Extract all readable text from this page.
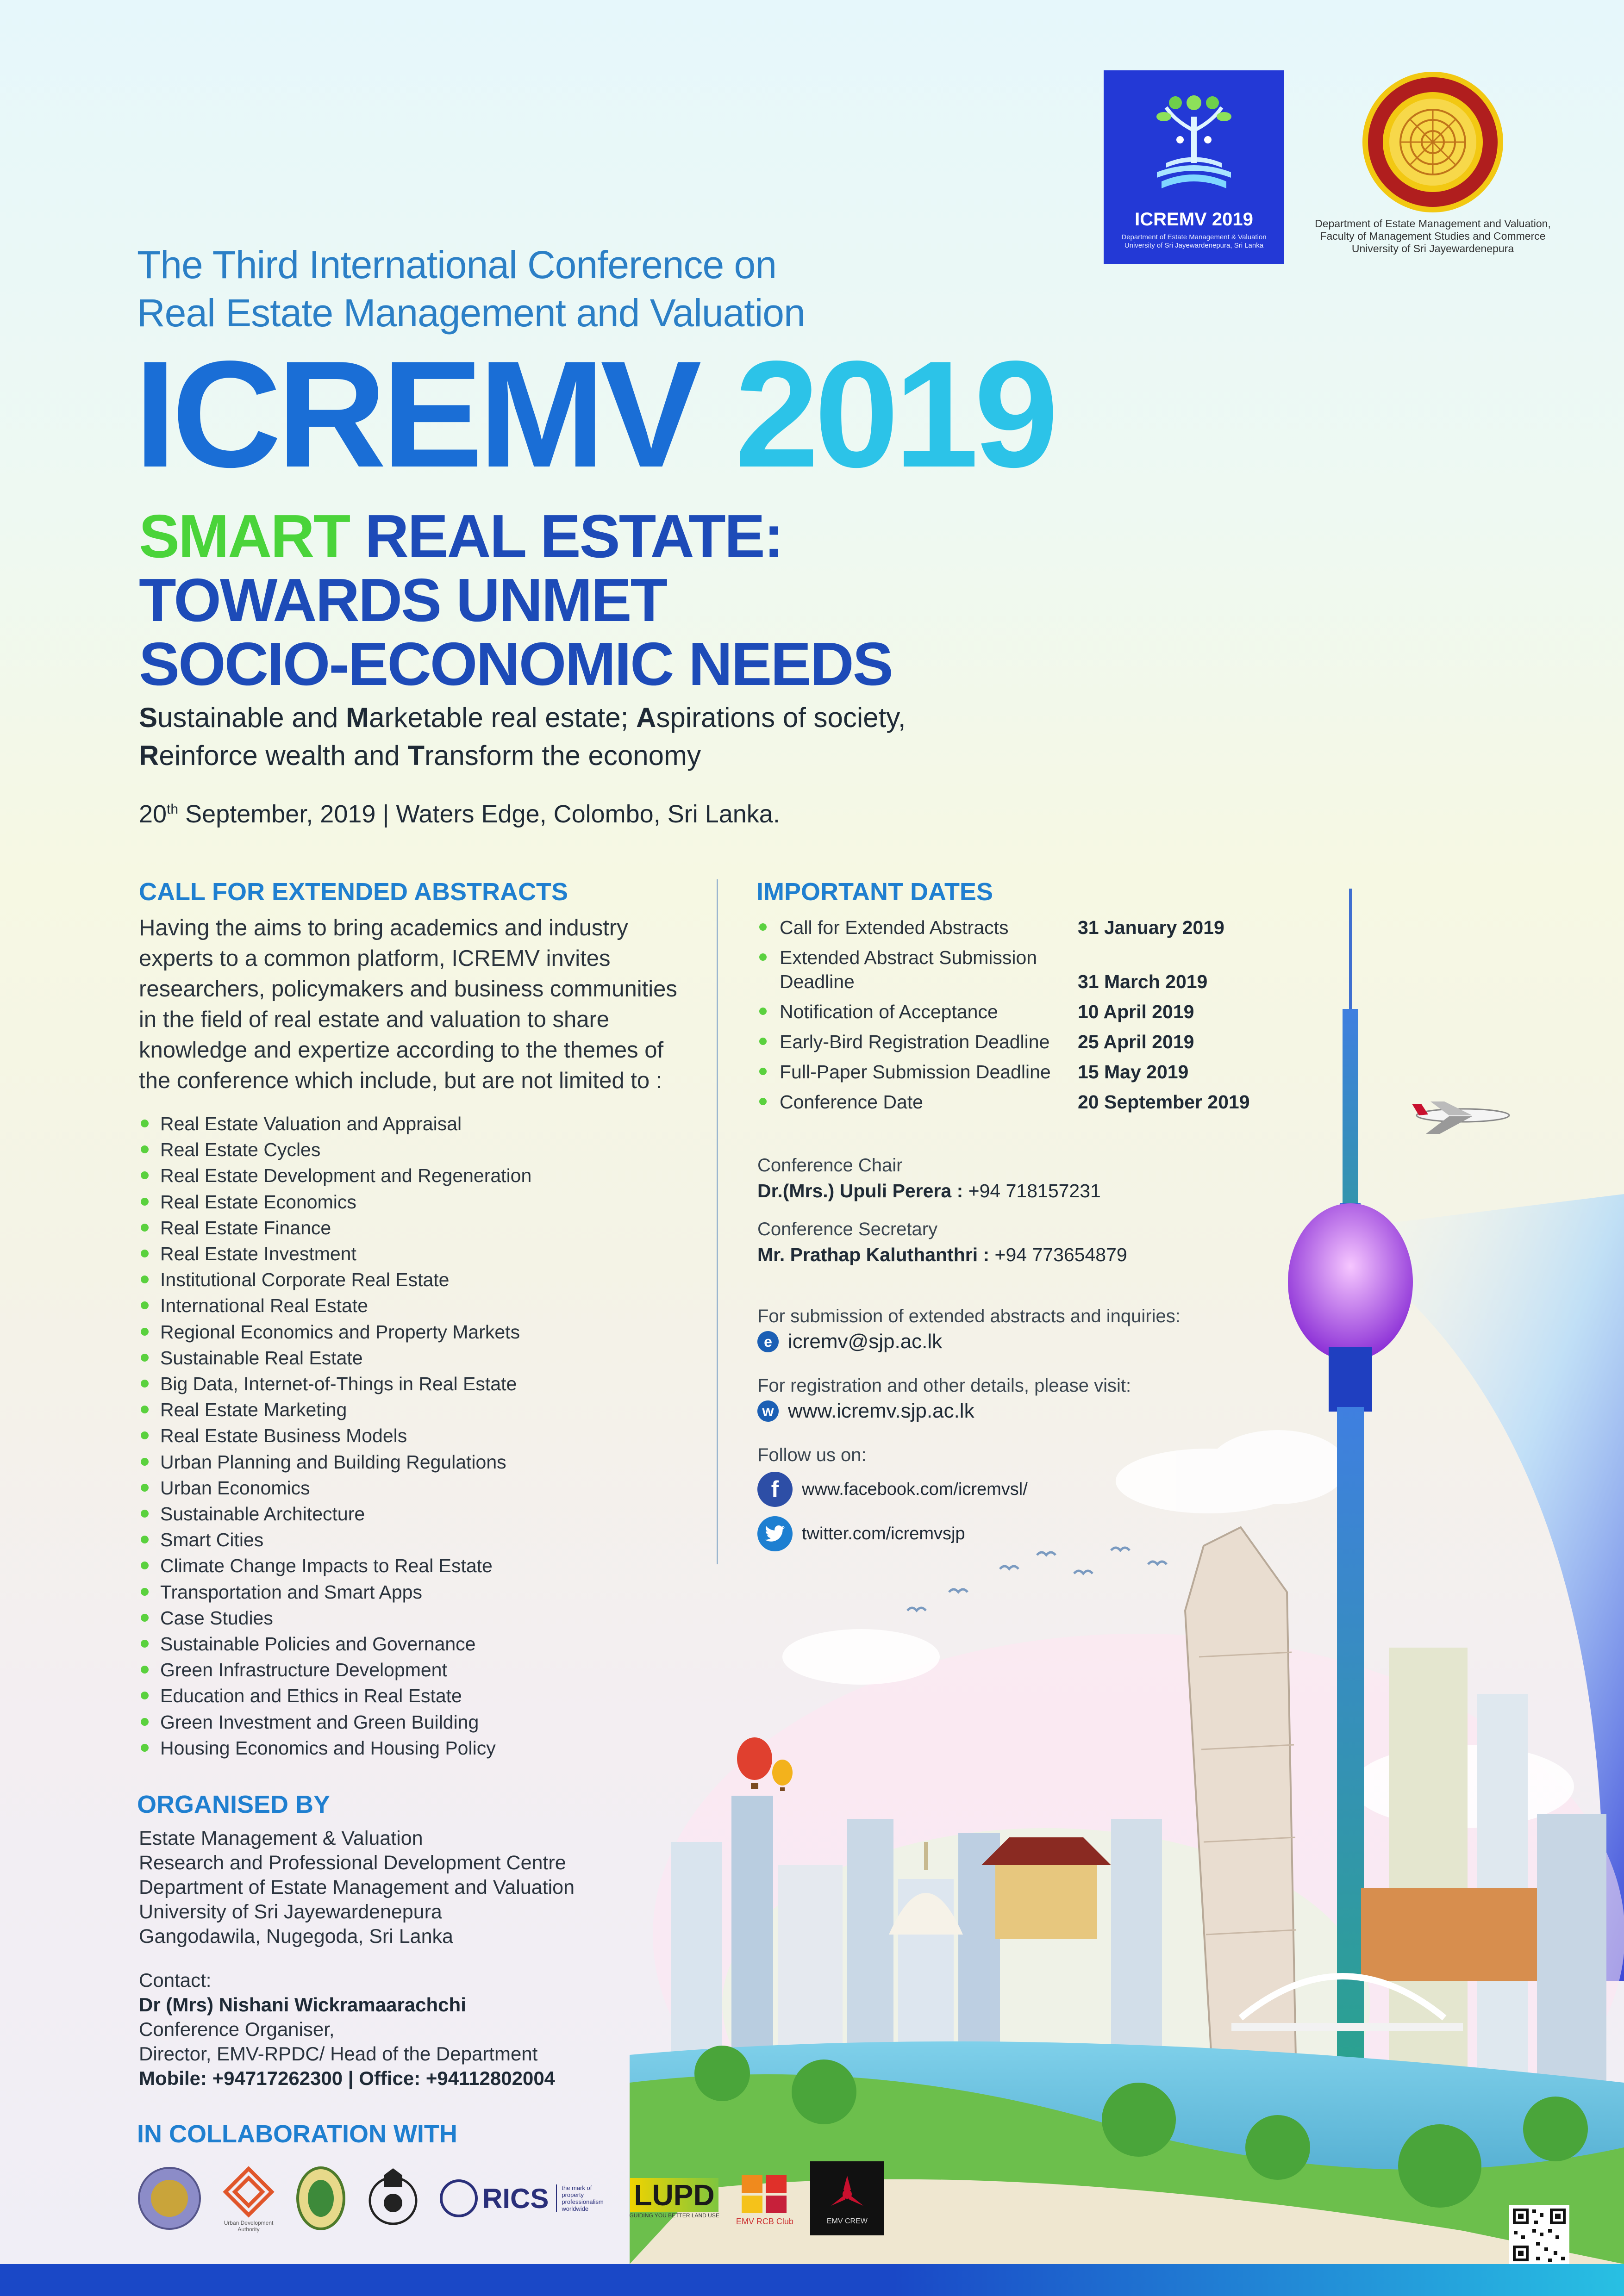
ICREMV 2019
Department of Estate Management & Valuation University of Sri Jayewardenepura, Sri Lanka
Department of Estate Management and Valuation,
Faculty of Management Studies and Commerce
University of Sri Jayewardenepura
The Third International Conference on
Real Estate Management and Valuation
ICREMV 2019
SMART REAL ESTATE:
TOWARDS UNMET
SOCIO-ECONOMIC NEEDS
Sustainable and Marketable real estate; Aspirations of society,
Reinforce wealth and Transform the economy
20th September, 2019 | Waters Edge, Colombo, Sri Lanka.
CALL FOR EXTENDED ABSTRACTS
Having the aims to bring academics and industry
experts to a common platform, ICREMV invites
researchers, policymakers and business communities
in the field of real estate and valuation to share
knowledge and expertize according to the themes of
the conference which include, but are not limited to :
Real Estate Valuation and Appraisal
Real Estate Cycles
Real Estate Development and Regeneration
Real Estate Economics
Real Estate Finance
Real Estate Investment
Institutional Corporate Real Estate
International Real Estate
Regional Economics and Property Markets
Sustainable Real Estate
Big Data, Internet-of-Things in Real Estate
Real Estate Marketing
Real Estate Business Models
Urban Planning and Building Regulations
Urban Economics
Sustainable Architecture
Smart Cities
Climate Change Impacts to Real Estate
Transportation and Smart Apps
Case Studies
Sustainable Policies and Governance
Green Infrastructure Development
Education and Ethics in Real Estate
Green Investment and Green Building
Housing Economics and Housing Policy
IMPORTANT DATES
Call for Extended Abstracts	31 January 2019
Extended Abstract Submission Deadline	31 March 2019
Notification of Acceptance	10 April 2019
Early-Bird Registration Deadline	25 April 2019
Full-Paper Submission Deadline	15 May 2019
Conference Date	20 September 2019
Conference Chair
Dr.(Mrs.) Upuli Perera : +94 718157231
Conference Secretary
Mr. Prathap Kaluthanthri : +94 773654879
For submission of extended abstracts and inquiries:
e icremv@sjp.ac.lk
For registration and other details, please visit:
w www.icremv.sjp.ac.lk
Follow us on:
f	www.facebook.com/icremvsl/
twitter.com/icremvsjp
ORGANISED BY
Estate Management & Valuation
Research and Professional Development Centre
Department of Estate Management and Valuation
University of Sri Jayewardenepura
Gangodawila, Nugegoda, Sri Lanka
Contact:
Dr (Mrs) Nishani Wickramaarachchi
Conference Organiser,
Director, EMV-RPDC/ Head of the Department
Mobile: +94717262300 | Office: +94112802004
IN COLLABORATION WITH
Urban Development Authority
RICS	the mark of property professionalism worldwide	LUPD
GUIDING YOU BETTER LAND USE
EMV RCB Club	EMV CREW
